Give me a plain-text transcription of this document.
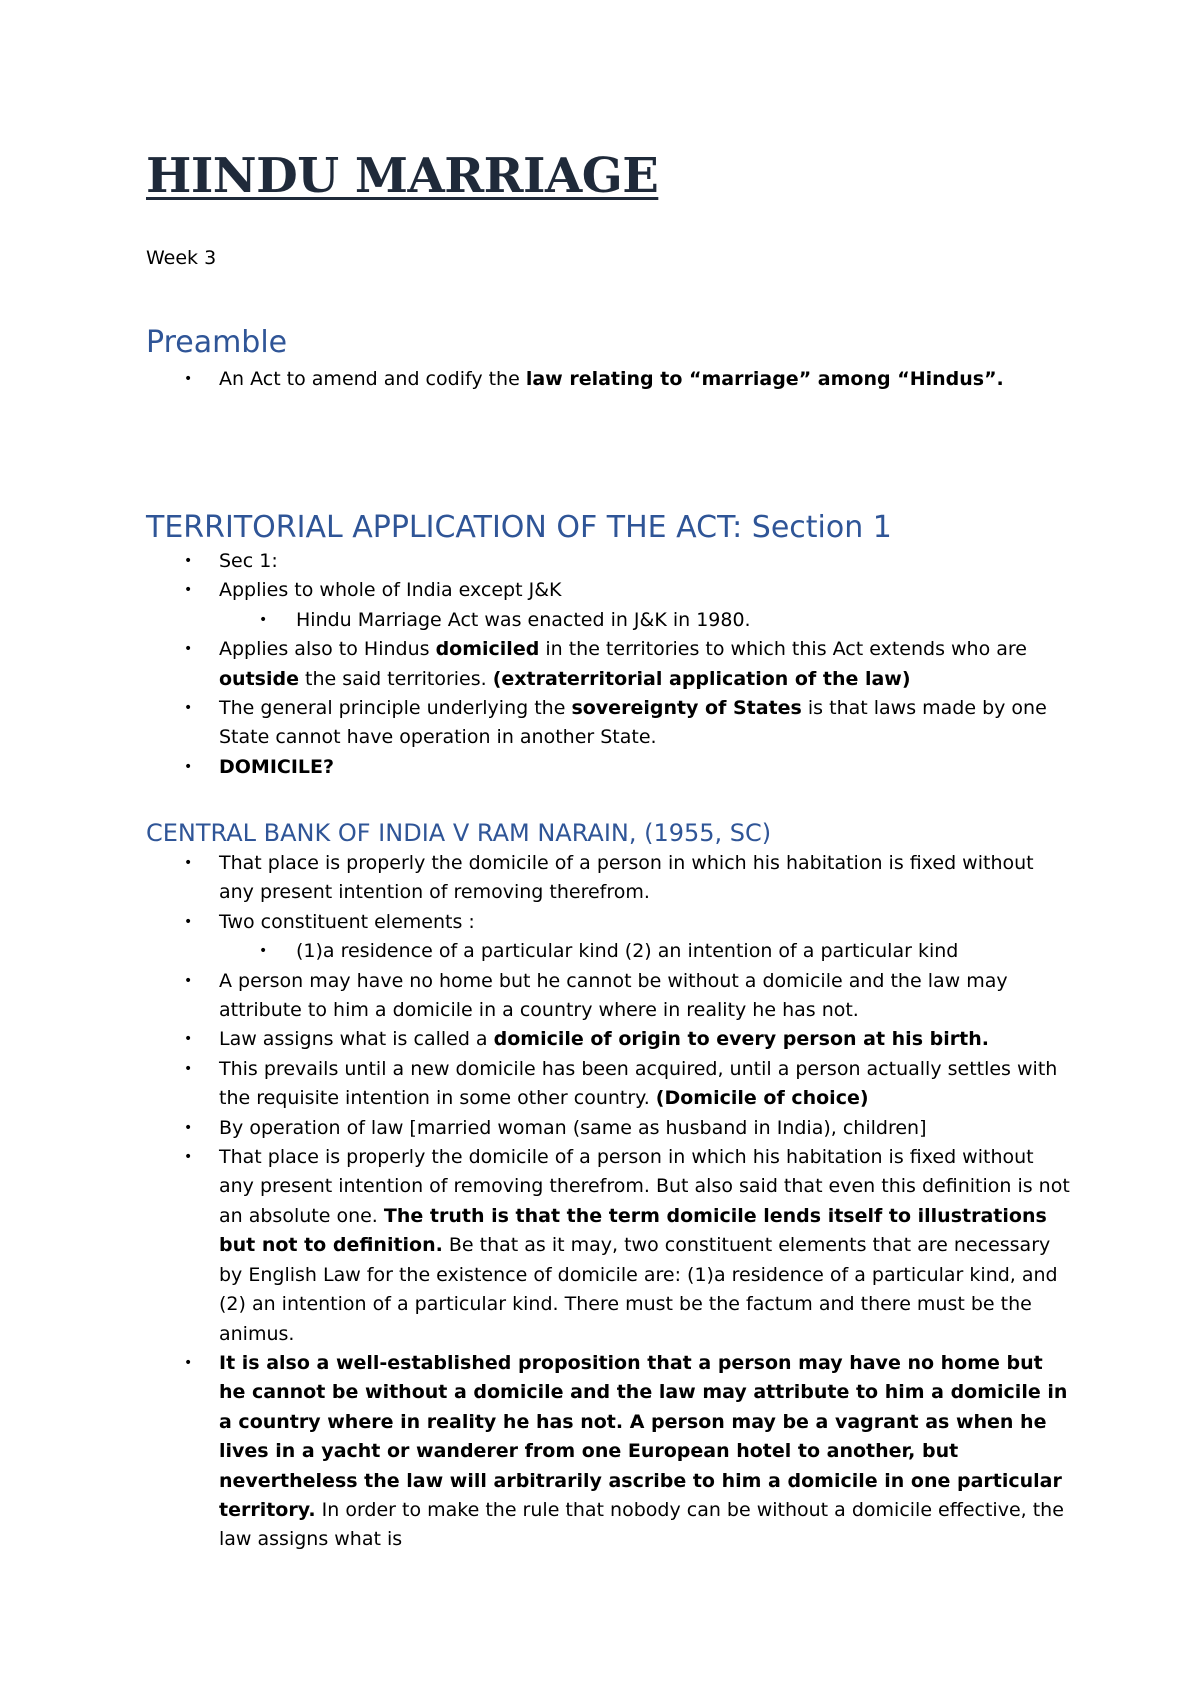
HINDU MARRIAGE
Week 3
Preamble
• An Act to amend and codify the law relating to “marriage” among “Hindus”.
TERRITORIAL APPLICATION OF THE ACT: Section 1
• Sec 1:
• Applies to whole of India except J&K
• Hindu Marriage Act was enacted in J&K in 1980.
• Applies also to Hindus domiciled in the territories to which this Act extends who are outside the said territories. (extraterritorial application of the law)
• The general principle underlying the sovereignty of States is that laws made by one State cannot have operation in another State.
• DOMICILE?
CENTRAL BANK OF INDIA V RAM NARAIN, (1955, SC)
• That place is properly the domicile of a person in which his habitation is fixed without any present intention of removing therefrom.
• Two constituent elements :
• (1)a residence of a particular kind (2) an intention of a particular kind
• A person may have no home but he cannot be without a domicile and the law may attribute to him a domicile in a country where in reality he has not.
• Law assigns what is called a domicile of origin to every person at his birth.
• This prevails until a new domicile has been acquired, until a person actually settles with the requisite intention in some other country. (Domicile of choice)
• By operation of law [married woman (same as husband in India), children]
• That place is properly the domicile of a person in which his habitation is fixed without any present intention of removing therefrom. But also said that even this definition is not an absolute one. The truth is that the term domicile lends itself to illustrations but not to definition. Be that as it may, two constituent elements that are necessary by English Law for the existence of domicile are: (1)a residence of a particular kind, and (2) an intention of a particular kind. There must be the factum and there must be the animus.
• It is also a well-established proposition that a person may have no home but he cannot be without a domicile and the law may attribute to him a domicile in a country where in reality he has not. A person may be a vagrant as when he lives in a yacht or wanderer from one European hotel to another, but nevertheless the law will arbitrarily ascribe to him a domicile in one particular territory. In order to make the rule that nobody can be without a domicile effective, the law assigns what is
